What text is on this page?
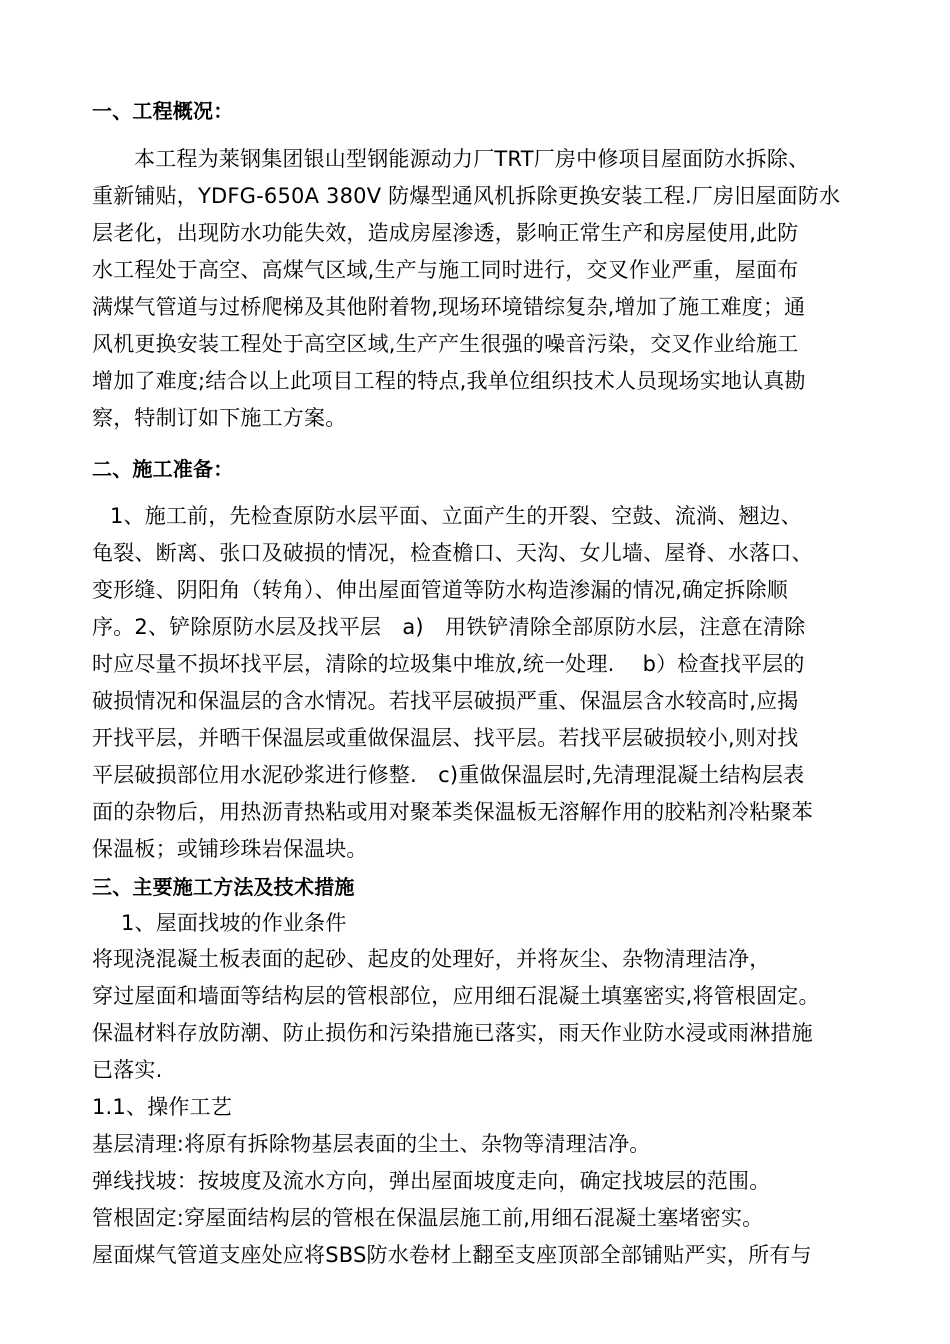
一、工程概况：
本工程为莱钢集团银山型钢能源动力厂TRT厂房中修项目屋面防水拆除、
重新铺贴，YDFG-650A 380V 防爆型通风机拆除更换安装工程.厂房旧屋面防水
层老化，出现防水功能失效，造成房屋渗透，影响正常生产和房屋使用,此防
水工程处于高空、高煤气区域,生产与施工同时进行，交叉作业严重，屋面布
满煤气管道与过桥爬梯及其他附着物,现场环境错综复杂,增加了施工难度；通
风机更换安装工程处于高空区域,生产产生很强的噪音污染，交叉作业给施工
增加了难度;结合以上此项目工程的特点,我单位组织技术人员现场实地认真勘
察，特制订如下施工方案。
二、施工准备：
1、施工前，先检查原防水层平面、立面产生的开裂、空鼓、流淌、翘边、
龟裂、断离、张口及破损的情况，检查檐口、天沟、女儿墙、屋脊、水落口、
变形缝、阴阳角（转角）、伸出屋面管道等防水构造渗漏的情况,确定拆除顺
序。2、铲除原防水层及找平层　a)　用铁铲清除全部原防水层，注意在清除
时应尽量不损坏找平层，清除的垃圾集中堆放,统一处理.　 b）检查找平层的
破损情况和保温层的含水情况。若找平层破损严重、保温层含水较高时,应揭
开找平层，并晒干保温层或重做保温层、找平层。若找平层破损较小,则对找
平层破损部位用水泥砂浆进行修整.　c)重做保温层时,先清理混凝土结构层表
面的杂物后，用热沥青热粘或用对聚苯类保温板无溶解作用的胶粘剂冷粘聚苯
保温板；或铺珍珠岩保温块。
三、主要施工方法及技术措施
1、屋面找坡的作业条件
将现浇混凝土板表面的起砂、起皮的处理好，并将灰尘、杂物清理洁净，
穿过屋面和墙面等结构层的管根部位，应用细石混凝土填塞密实,将管根固定。
保温材料存放防潮、防止损伤和污染措施已落实，雨天作业防水浸或雨淋措施
已落实.
1.1、操作工艺
基层清理:将原有拆除物基层表面的尘土、杂物等清理洁净。
弹线找坡：按坡度及流水方向，弹出屋面坡度走向，确定找坡层的范围。
管根固定:穿屋面结构层的管根在保温层施工前,用细石混凝土塞堵密实。
屋面煤气管道支座处应将SBS防水卷材上翻至支座顶部全部铺贴严实，所有与
